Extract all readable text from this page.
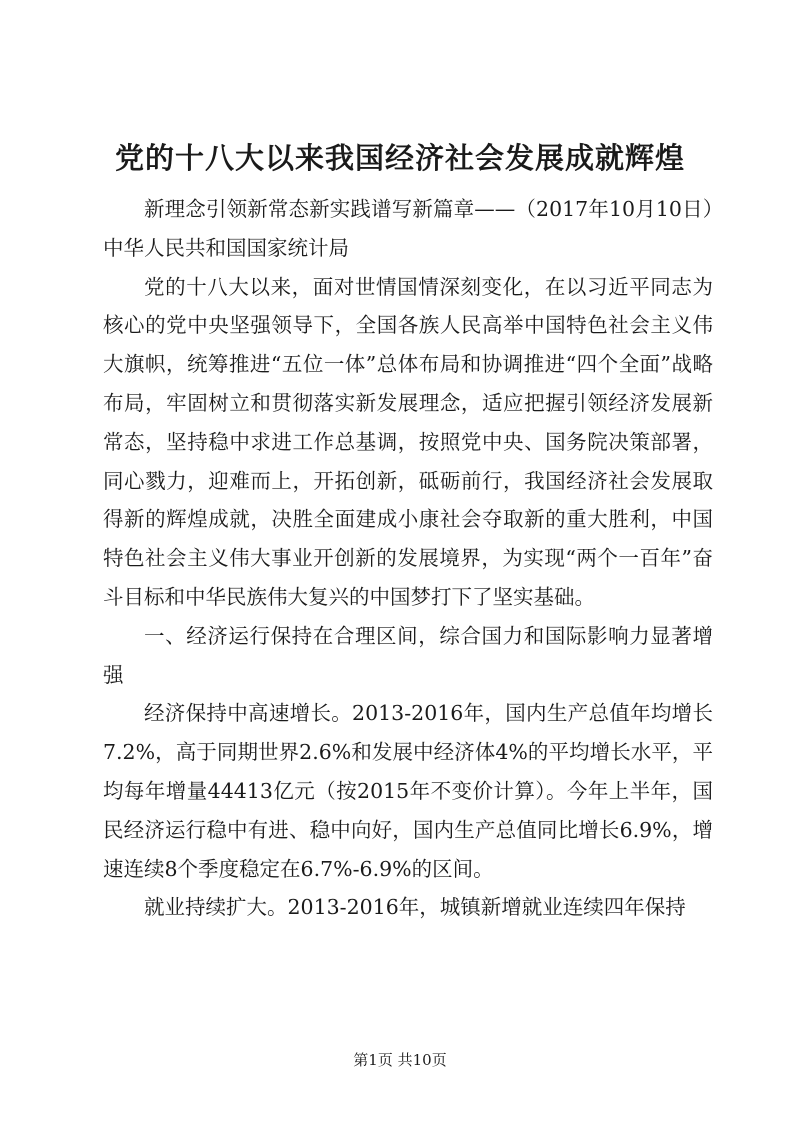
党的十八大以来我国经济社会发展成就辉煌

新理念引领新常态新实践谱写新篇章——（2017年10月10日）中华人民共和国国家统计局

党的十八大以来，面对世情国情深刻变化，在以习近平同志为核心的党中央坚强领导下，全国各族人民高举中国特色社会主义伟大旗帜，统筹推进“五位一体”总体布局和协调推进“四个全面”战略布局，牢固树立和贯彻落实新发展理念，适应把握引领经济发展新常态，坚持稳中求进工作总基调，按照党中央、国务院决策部署，同心戮力，迎难而上，开拓创新，砥砺前行，我国经济社会发展取得新的辉煌成就，决胜全面建成小康社会夺取新的重大胜利，中国特色社会主义伟大事业开创新的发展境界，为实现“两个一百年”奋斗目标和中华民族伟大复兴的中国梦打下了坚实基础。

一、经济运行保持在合理区间，综合国力和国际影响力显著增强

经济保持中高速增长。2013-2016年，国内生产总值年均增长7.2%，高于同期世界2.6%和发展中经济体4%的平均增长水平，平均每年增量44413亿元（按2015年不变价计算）。今年上半年，国民经济运行稳中有进、稳中向好，国内生产总值同比增长6.9%，增速连续8个季度稳定在6.7%-6.9%的区间。

就业持续扩大。2013-2016年，城镇新增就业连续四年保持

第1页 共10页
